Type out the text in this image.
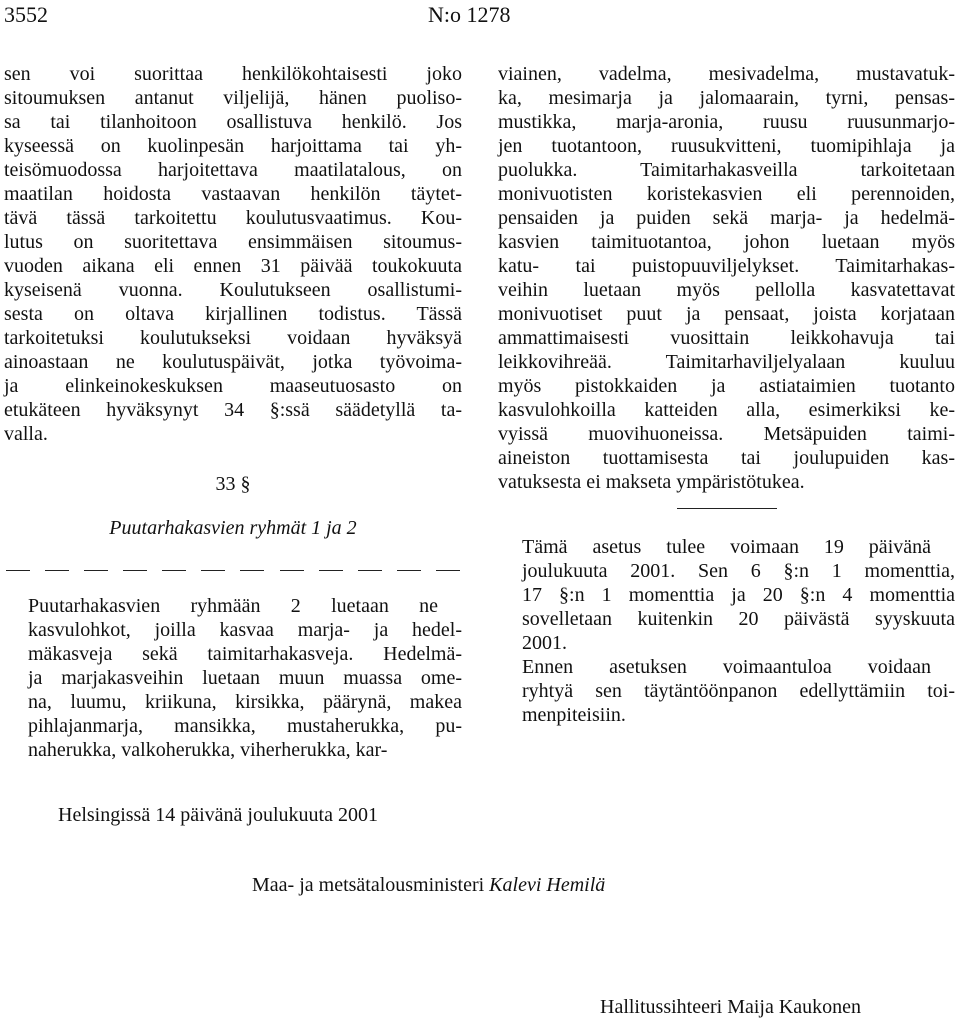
3552	N:o 1278

sen voi suorittaa henkilökohtaisesti joko
sitoumuksen antanut viljelijä, hänen puoliso-
sa tai tilanhoitoon osallistuva henkilö. Jos
kyseessä on kuolinpesän harjoittama tai yh-
teisömuodossa harjoitettava maatilatalous, on
maatilan hoidosta vastaavan henkilön täytet-
tävä tässä tarkoitettu koulutusvaatimus. Kou-
lutus on suoritettava ensimmäisen sitoumus-
vuoden aikana eli ennen 31 päivää toukokuuta
kyseisenä vuonna. Koulutukseen osallistumi-
sesta on oltava kirjallinen todistus. Tässä
tarkoitetuksi koulutukseksi voidaan hyväksyä
ainoastaan ne koulutuspäivät, jotka työvoima-
ja elinkeinokeskuksen maaseutuosasto on
etukäteen hyväksynyt 34 §:ssä säädetyllä ta-
valla.

33 §

Puutarhakasvien ryhmät 1 ja 2

Puutarhakasvien ryhmään 2 luetaan ne
kasvulohkot, joilla kasvaa marja- ja hedel-
mäkasveja sekä taimitarhakasveja. Hedelmä-
ja marjakasveihin luetaan muun muassa ome-
na, luumu, kriikuna, kirsikka, päärynä, makea
pihlajanmarja, mansikka, mustaherukka, pu-
naherukka, valkoherukka, viherherukka, kar-

viainen, vadelma, mesivadelma, mustavatuk-
ka, mesimarja ja jalomaarain, tyrni, pensas-
mustikka, marja-aronia, ruusu ruusunmarjo-
jen tuotantoon, ruusukvitteni, tuomipihlaja ja
puolukka. Taimitarhakasveilla tarkoitetaan
monivuotisten koristekasvien eli perennoiden,
pensaiden ja puiden sekä marja- ja hedelmä-
kasvien taimituotantoa, johon luetaan myös
katu- tai puistopuuviljelykset. Taimitarhakas-
veihin luetaan myös pellolla kasvatettavat
monivuotiset puut ja pensaat, joista korjataan
ammattimaisesti vuosittain leikkohavuja tai
leikkovihreää. Taimitarhaviljelyalaan kuuluu
myös pistokkaiden ja astiataimien tuotanto
kasvulohkoilla katteiden alla, esimerkiksi ke-
vyissä muovihuoneissa. Metsäpuiden taimi-
aineiston tuottamisesta tai joulupuiden kas-
vatuksesta ei makseta ympäristötukea.

Tämä asetus tulee voimaan 19 päivänä
joulukuuta 2001. Sen 6 §:n 1 momenttia,
17 §:n 1 momenttia ja 20 §:n 4 momenttia
sovelletaan kuitenkin 20 päivästä syyskuuta
2001.

Ennen asetuksen voimaantuloa voidaan
ryhtyä sen täytäntöönpanon edellyttämiin toi-
menpiteisiin.

Helsingissä 14 päivänä joulukuuta 2001
Maa- ja metsätalousministeri Kalevi Hemilä
Hallitussihteeri Maija Kaukonen
